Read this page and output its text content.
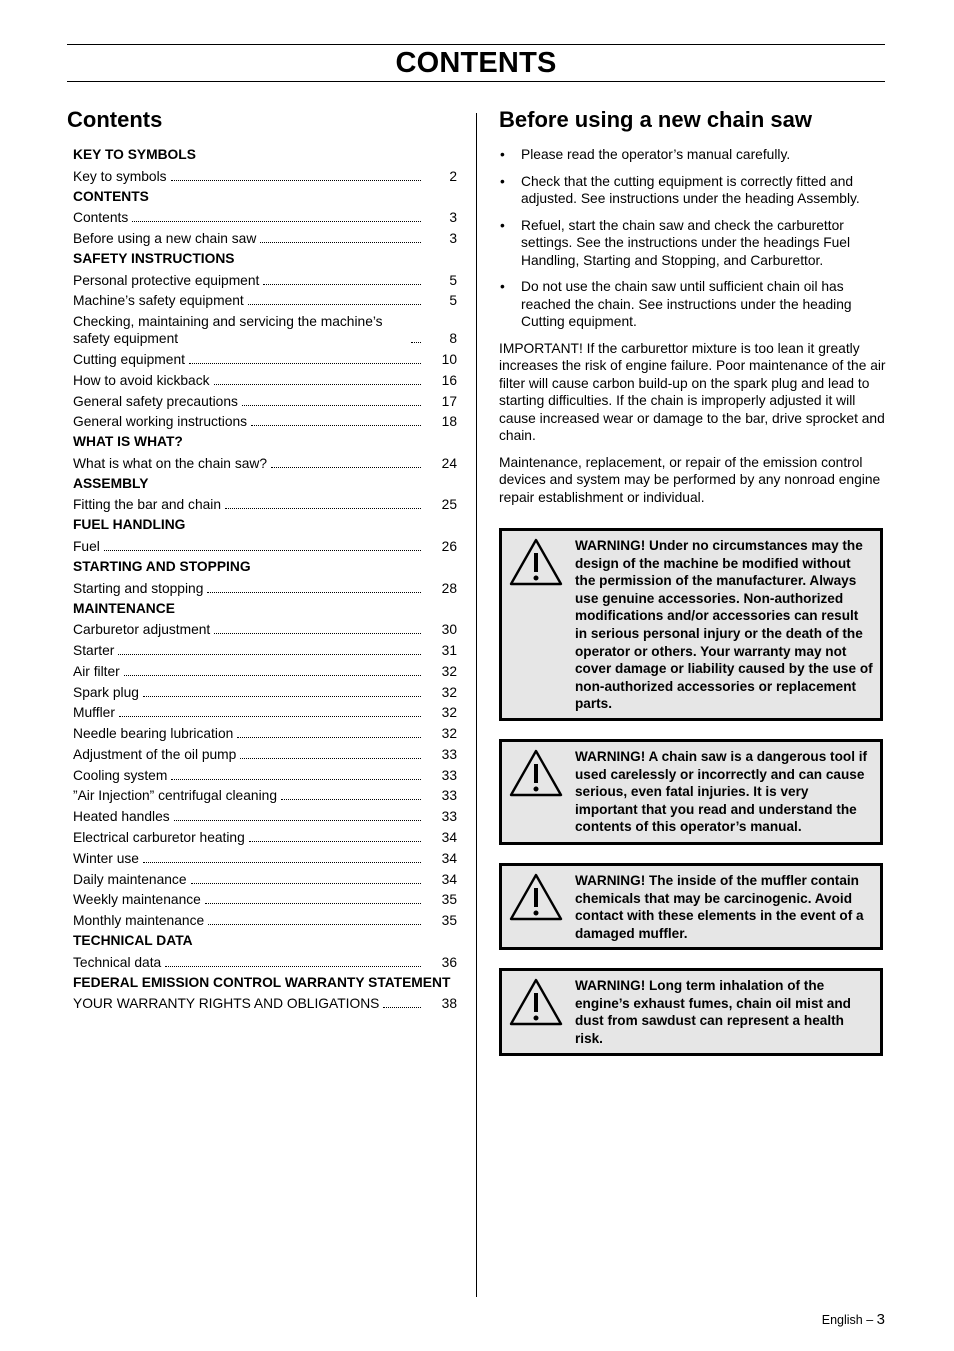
CONTENTS
Contents
KEY TO SYMBOLS
Key to symbols	2
CONTENTS
Contents	3
Before using a new chain saw	3
SAFETY INSTRUCTIONS
Personal protective equipment	5
Machine’s safety equipment	5
Checking, maintaining and servicing the machine’s safety equipment	8
Cutting equipment	10
How to avoid kickback	16
General safety precautions	17
General working instructions	18
WHAT IS WHAT?
What is what on the chain saw?	24
ASSEMBLY
Fitting the bar and chain	25
FUEL HANDLING
Fuel	26
STARTING AND STOPPING
Starting and stopping	28
MAINTENANCE
Carburetor adjustment	30
Starter	31
Air filter	32
Spark plug	32
Muffler	32
Needle bearing lubrication	32
Adjustment of the oil pump	33
Cooling system	33
”Air Injection” centrifugal cleaning	33
Heated handles	33
Electrical carburetor heating	34
Winter use	34
Daily maintenance	34
Weekly maintenance	35
Monthly maintenance	35
TECHNICAL DATA
Technical data	36
FEDERAL EMISSION CONTROL WARRANTY STATEMENT
YOUR WARRANTY RIGHTS AND OBLIGATIONS	38
Before using a new chain saw
• Please read the operator’s manual carefully.
• Check that the cutting equipment is correctly fitted and adjusted. See instructions under the heading Assembly.
• Refuel, start the chain saw and check the carburettor settings. See the instructions under the headings Fuel Handling, Starting and Stopping, and Carburettor.
• Do not use the chain saw until sufficient chain oil has reached the chain. See instructions under the heading Cutting equipment.

IMPORTANT! If the carburettor mixture is too lean it greatly increases the risk of engine failure. Poor maintenance of the air filter will cause carbon build-up on the spark plug and lead to starting difficulties. If the chain is improperly adjusted it will cause increased wear or damage to the bar, drive sprocket and chain.

Maintenance, replacement, or repair of the emission control devices and system may be performed by any nonroad engine repair establishment or individual.

WARNING! Under no circumstances may the design of the machine be modified without the permission of the manufacturer. Always use genuine accessories. Non-authorized modifications and/or accessories can result in serious personal injury or the death of the operator or others. Your warranty may not cover damage or liability caused by the use of non-authorized accessories or replacement parts.
WARNING! A chain saw is a dangerous tool if used carelessly or incorrectly and can cause serious, even fatal injuries. It is very important that you read and understand the contents of this operator’s manual.
WARNING! The inside of the muffler contain chemicals that may be carcinogenic. Avoid contact with these elements in the event of a damaged muffler.
WARNING! Long term inhalation of the engine’s exhaust fumes, chain oil mist and dust from sawdust can represent a health risk.
English – 3
